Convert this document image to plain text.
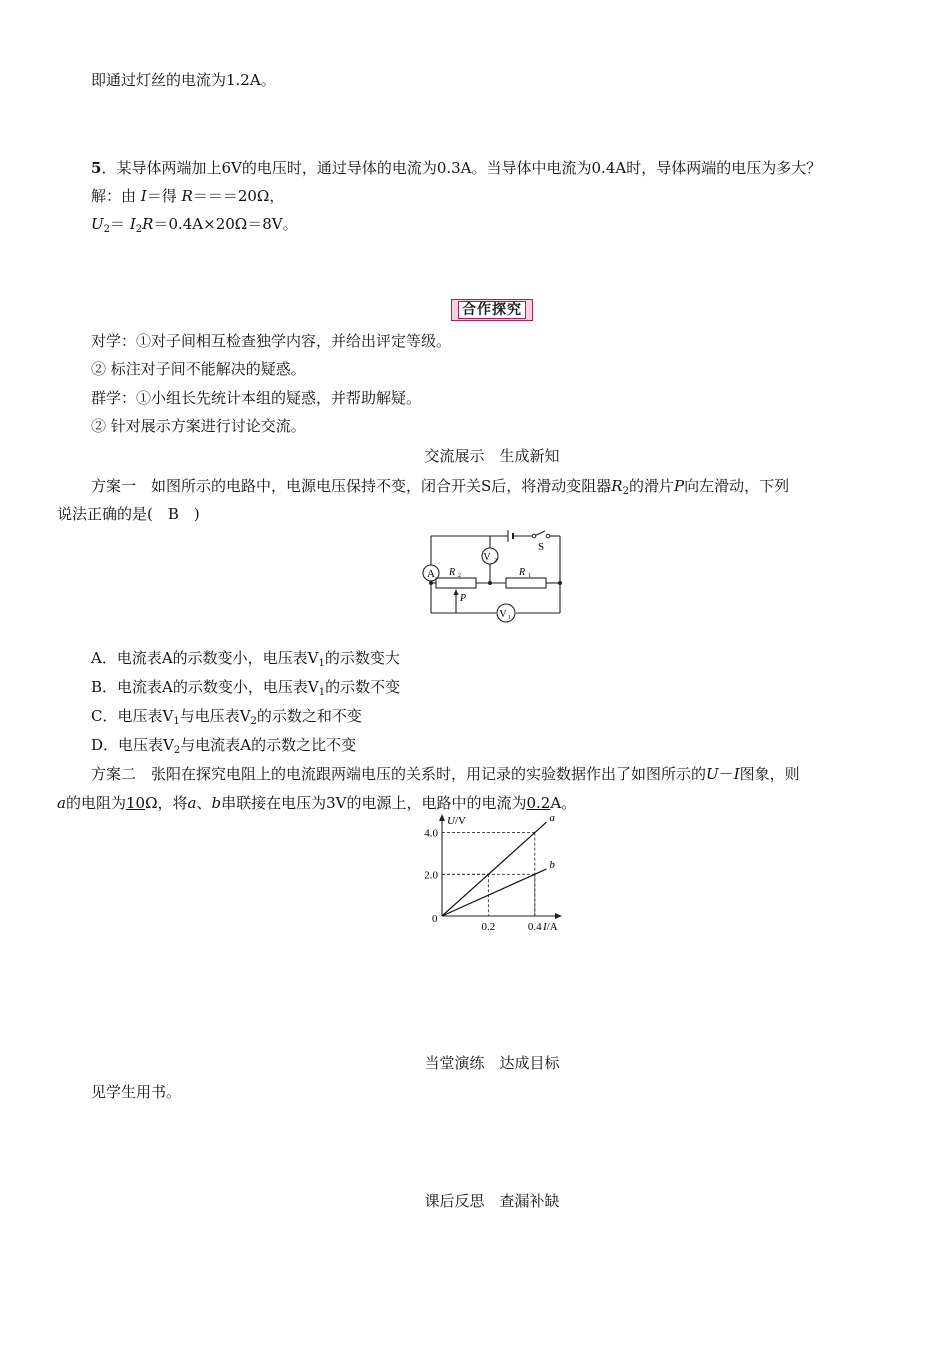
即通过灯丝的电流为1.2A。
5．某导体两端加上6V的电压时，通过导体的电流为0.3A。当导体中电流为0.4A时，导体两端的电压为多大？
解：由 I＝得 R＝＝＝20Ω，
$U_2= I_2R=0.4A\times 20\Omega=8V$。
合作探究
对学：①对子间相互检查独学内容，并给出评定等级。
② 标注对子间不能解决的疑惑。
群学：①小组长先统计本组的疑惑，并帮助解疑。
② 针对展示方案进行讨论交流。
交流展示　生成新知
方案一　如图所示的电路中，电源电压保持不变，闭合开关S后，将滑动变阻器$R_2$的滑片P向左滑动，下列
说法正确的是(　B　)
A
V 2
V 1
R 2	R 1
P
S
A．电流表A的示数变小，电压表$V_1$的示数变大
B．电流表A的示数变小，电压表$V_1$的示数不变
C．电压表$V_1$与电压表$V_2$的示数之和不变
D．电压表$V_2$与电流表A的示数之比不变
方案二　张阳在探究电阻上的电流跟两端电压的关系时，用记录的实验数据作出了如图所示的U－I图象，则
a的电阻为10Ω，将a、b串联接在电压为3V的电源上，电路中的电流为0.2A。
a
b
0.2	0.4
2.0
4.0
U/V
I/A
0
当堂演练　达成目标
见学生用书。
课后反思　查漏补缺
